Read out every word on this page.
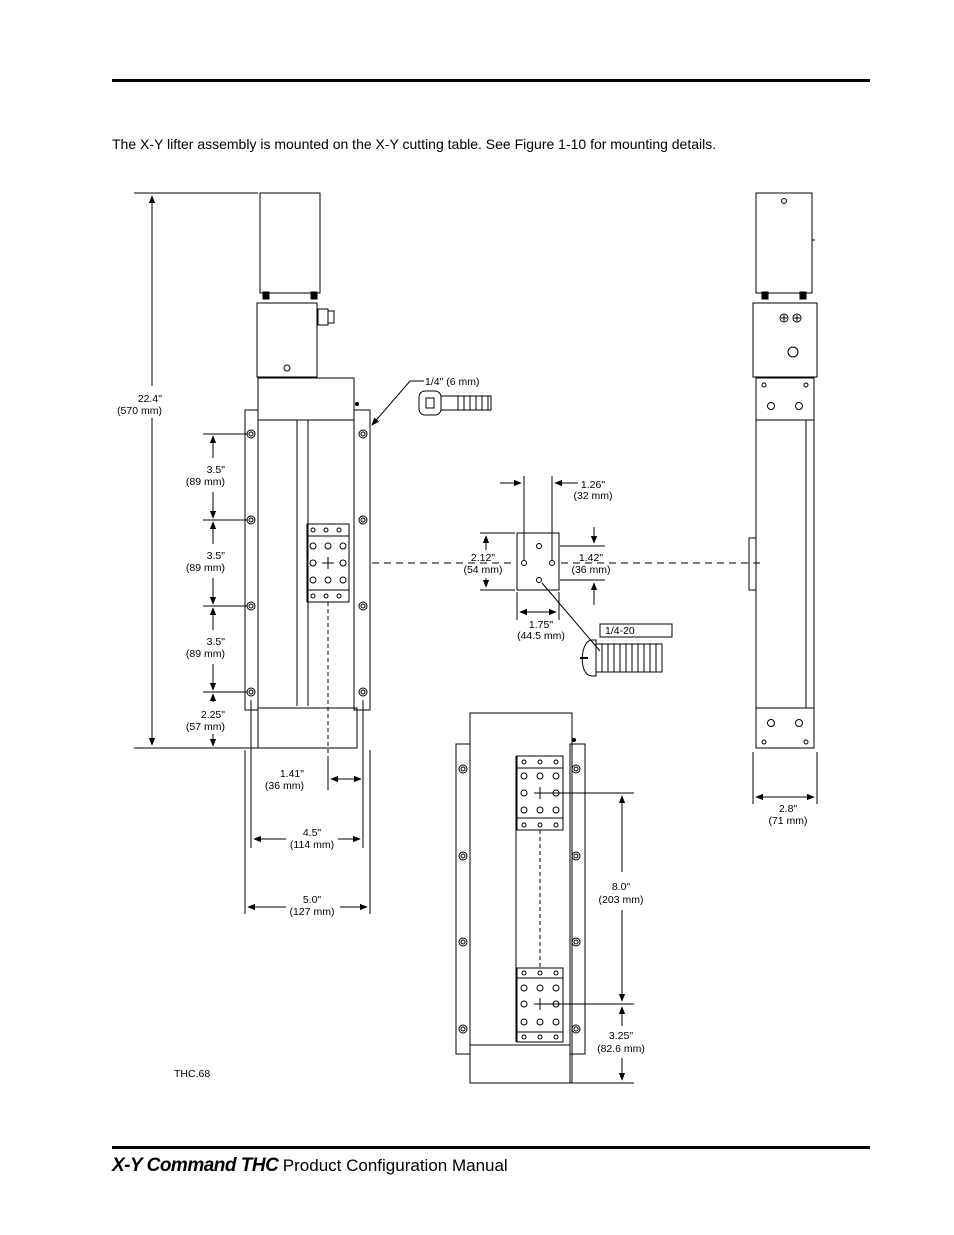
The X-Y lifter assembly is mounted on the X-Y cutting table. See Figure 1-10 for mounting details.
22.4"
(570 mm)
3.5"
(89 mm)
3.5"
(89 mm)
3.5"
(89 mm)
2.25"
(57 mm)
1.41"
(36 mm)
4.5"
(114 mm)
5.0"
(127 mm)
THC.68
1/4" (6 mm)
1.26"
(32 mm)
2.12"
(54 mm)
1.42"
(36 mm)
1.75"
(44.5 mm)	1/4-20
8.0"
(203 mm)
3.25"
(82.6 mm)
2.8"
(71 mm)
X-Y Command THC Product Configuration Manual
